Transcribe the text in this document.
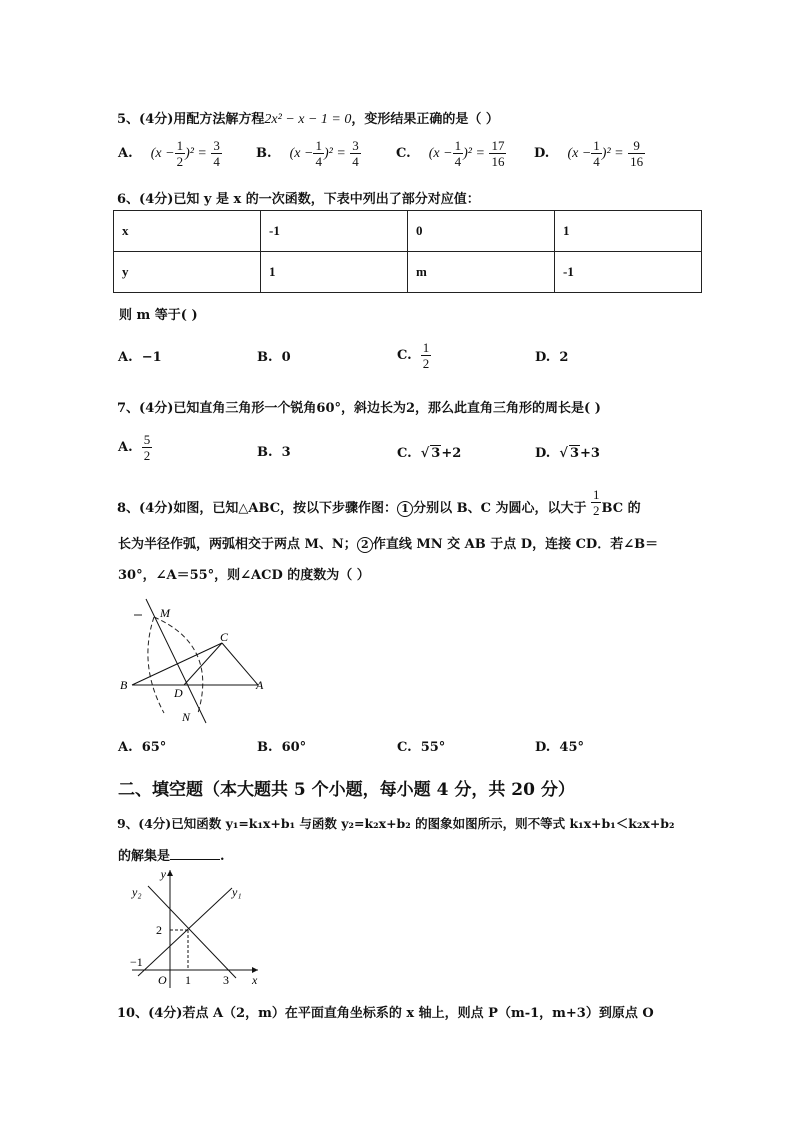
5、(4分)用配方法解方程2x² − x − 1 = 0，变形结果正确的是（ ）
A. $(x - \frac{1}{2} )^2 = \frac{3}{4}$	B. $(x - \frac{1}{4} )^2 = \frac{3}{4}$	C. $(x - \frac{1}{4} )^2 = \frac{17}{16} D$. $(x - \frac{1}{4} )^2 = \frac{9}{16}$
6、(4分)已知 y 是 x 的一次函数，下表中列出了部分对应值：
x	-1	0	1
y	1	m	-1
则 m 等于( )
A. −1	B. 0	C. $\frac{1}{2}$	D. 2
7、(4分)已知直角三角形一个锐角60°，斜边长为2，那么此直角三角形的周长是( )
A. $\frac{5}{2}$	B. 3	C.  √ 3+2	D.  √ 3+3
8、(4分)如图，已知△ABC，按以下步骤作图： 1 分别以 B、C 为圆心，以大于 $\frac{1}{2}$ BC 的
长为半径作弧，两弧相交于两点 M、N； 2 作直线 MN 交 AB 于点 D，连接 CD．若∠B＝
30°，∠A＝55°，则∠ACD 的度数为（ ）
M
C
B
D
A
N
A. 65°	B. 60°	C. 55°	D. 45°
二、填空题（本大题共 5 个小题，每小题 4 分，共 20 分）
9、(4分)已知函数 y₁=k₁x+b₁ 与函数 y₂=k₂x+b₂ 的图象如图所示，则不等式 k₁x+b₁＜k₂x+b₂
的解集是	.
y
x
y₂	y₁
O
2
−1
1	3
10、(4分)若点 A（2，m）在平面直角坐标系的 x 轴上，则点 P（m-1，m+3）到原点 O
